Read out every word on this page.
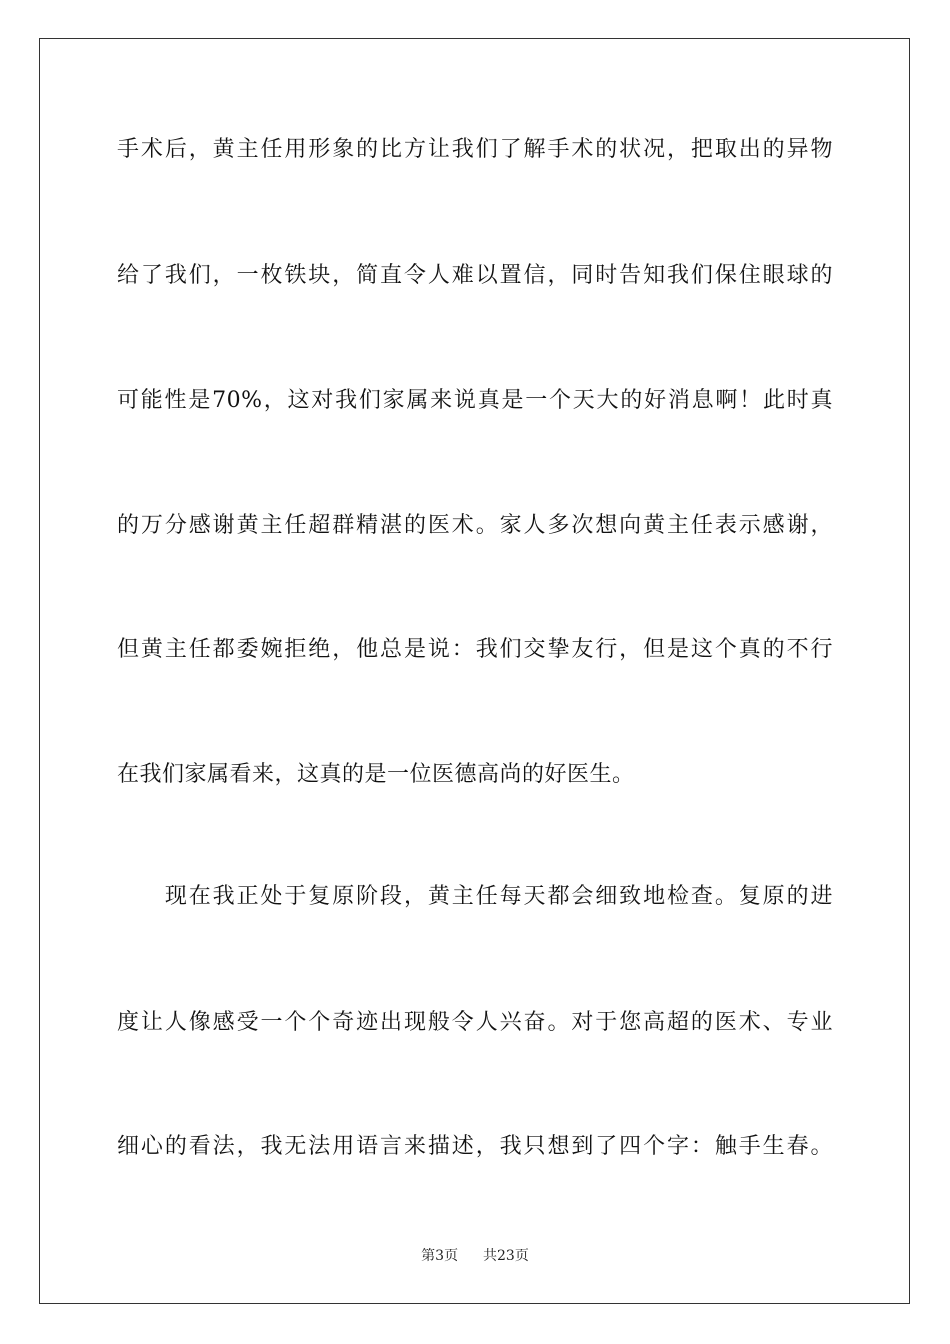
手术后，黄主任用形象的比方让我们了解手术的状况，把取出的异物
给了我们，一枚铁块，简直令人难以置信，同时告知我们保住眼球的
可能性是70%，这对我们家属来说真是一个天大的好消息啊！此时真
的万分感谢黄主任超群精湛的医术。家人多次想向黄主任表示感谢，
但黄主任都委婉拒绝，他总是说：我们交挚友行，但是这个真的不行
在我们家属看来，这真的是一位医德高尚的好医生。
　　现在我正处于复原阶段，黄主任每天都会细致地检查。复原的进
度让人像感受一个个奇迹出现般令人兴奋。对于您高超的医术、专业
细心的看法，我无法用语言来描述，我只想到了四个字：触手生春。
第3页 共23页
